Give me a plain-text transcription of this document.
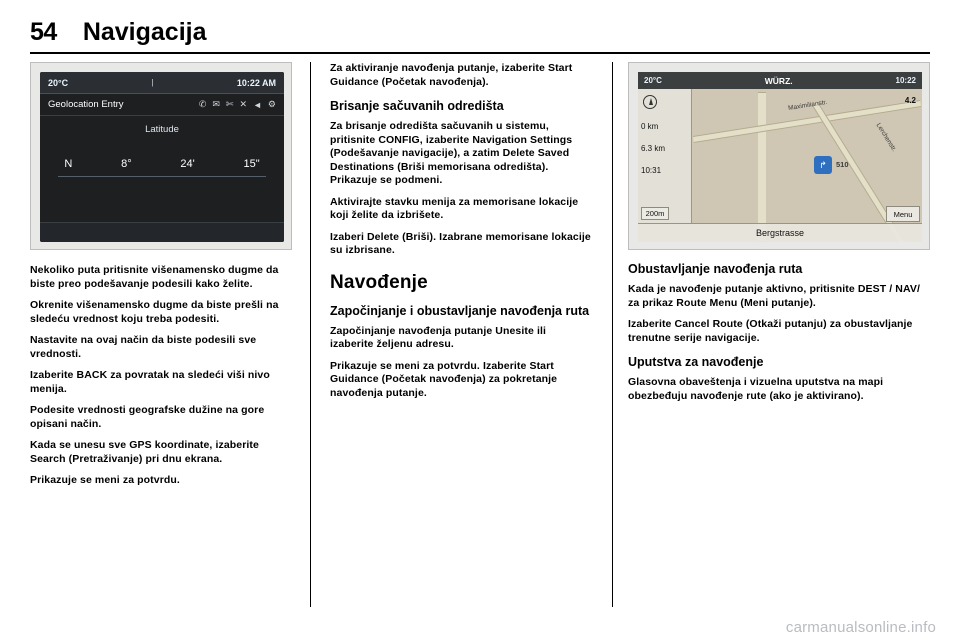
54 Navigacija
20°C	|	10:22 AM
Geolocation Entry	✆ ✉ ✄ ✕ ◄ ⚙
Latitude
N	8°	24'	15"

Nekoliko puta pritisnite višenamensko dugme da biste preo podešavanje podesili kako želite.

Okrenite višenamensko dugme da biste prešli na sledeću vrednost koju treba podesiti.

Nastavite na ovaj način da biste podesili sve vrednosti.

Izaberite BACK za povratak na sledeći viši nivo menija.

Podesite vrednosti geografske dužine na gore opisani način.

Kada se unesu sve GPS koordinate, izaberite Search (Pretraživanje) pri dnu ekrana.

Prikazuje se meni za potvrdu.

Za aktiviranje navođenja putanje, izaberite Start Guidance (Početak navođenja).

Brisanje sačuvanih odredišta

Za brisanje odredišta sačuvanih u sistemu, pritisnite CONFIG, izaberite Navigation Settings (Podešavanje navigacije), a zatim Delete Saved Destinations (Briši memorisana odredišta). Prikazuje se podmeni.

Aktivirajte stavku menija za memorisane lokacije koji želite da izbrišete.

Izaberi Delete (Briši). Izabrane memorisane lokacije su izbrisane.

Navođenje
Započinjanje i obustavljanje navođenja ruta

Započinjanje navođenja putanje Unesite ili izaberite željenu adresu.

Prikazuje se meni za potvrdu. Izaberite Start Guidance (Početak navođenja) za pokretanje navođenja putanje.

Maximilianstr.
Lerchenstr.
↱	510
4.2
20°C	WÜRZ.	10:22
0 km
6.3 km
10:31
200m	Menu
Bergstrasse
Obustavljanje navođenja ruta

Kada je navođenje putanje aktivno, pritisnite DEST / NAV/ za prikaz Route Menu (Meni putanje).

Izaberite Cancel Route (Otkaži putanju) za obustavljanje trenutne serije navigacije.

Uputstva za navođenje

Glasovna obaveštenja i vizuelna uputstva na mapi obezbeđuju navođenje rute (ako je aktivirano).

carmanualsonline.info
